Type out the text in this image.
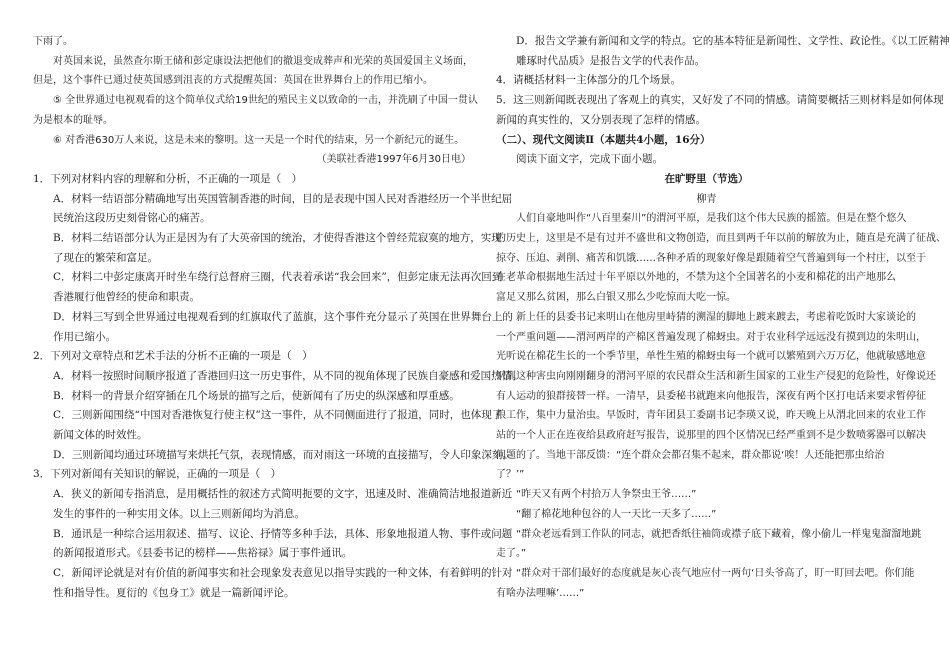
下雨了。
对英国来说，虽然查尔斯王储和彭定康设法把他们的撤退变成葬声和光荣的英国爱国主义场面，
但是，这个事件已通过使英国感到沮丧的方式提醒英国：英国在世界舞台上的作用已缩小。
⑤ 全世界通过电视观看的这个简单仪式给19世纪的殖民主义以致命的一击，并洗刷了中国一贯认
为是根本的耻辱。
⑥ 对香港630万人来说，这是未来的黎明。这一天是一个时代的结束，另一个新纪元的诞生。
（美联社香港1997年6月30日电）
1．下列对材料内容的理解和分析，不正确的一项是（　）
A．材料一结语部分精确地写出英国管制香港的时间，目的是表现中国人民对香港经历一个半世纪屈
民统治这段历史刻骨铭心的痛苦。
B．材料二结语部分认为正是因为有了大英帝国的统治，才使得香港这个曾经荒寂寞的地方，实现
了现在的繁荣和富足。
C．材料二中彭定康离开时坐车绕行总督府三圈，代表着承诺“我会回来”，但彭定康无法再次回到
香港履行他曾经的使命和职责。
D．材料三写到全世界通过电视观看到的红旗取代了蓝旗，这个事件充分显示了英国在世界舞台上的
作用已缩小。
2．下列对文章特点和艺术手法的分析不正确的一项是（　）
A．材料一按照时间顺序报道了香港回归这一历史事件，从不同的视角体现了民族自豪感和爱国热情。
B．材料一的背景介绍穿插在几个场景的描写之后，使新闻有了历史的纵深感和厚重感。
C．三则新闻围绕“中国对香港恢复行使主权”这一事件，从不同侧面进行了报道，同时，也体现了
新闻文体的时效性。
D．三则新闻均通过环境描写来烘托气氛，表现情感，而对雨这一环境的直接描写，令人印象深刻。
3．下列对新闻有关知识的解说，正确的一项是（　）
A．狭义的新闻专指消息，是用概括性的叙述方式简明扼要的文字，迅速及时、准确简洁地报道新近
发生的事件的一种实用文体。以上三则新闻均为消息。
B．通讯是一种综合运用叙述、描写、议论、抒情等多种手法，具体、形象地报道人物、事件或问题
的新闻报道形式。《县委书记的榜样——焦裕禄》属于事件通讯。
C．新闻评论就是对有价值的新闻事实和社会现象发表意见以指导实践的一种文体，有着鲜明的针对
性和指导性。夏衍的《包身工》就是一篇新闻评论。
D．报告文学兼有新闻和文学的特点。它的基本特征是新闻性、文学性、政论性。《以工匠精神
雕琢时代品质》是报告文学的代表作品。
4．请概括材料一主体部分的几个场景。
5．这三则新闻既表现出了客观上的真实，又好发了不同的情感。请简要概括三则材料是如何体现
新闻的真实性的，又分别表现了怎样的情感。
（二）、现代文阅读Ⅱ（本题共4小题，16分）
阅读下面文字，完成下面小题。
在旷野里（节选）
柳青
人们自豪地叫作“八百里秦川”的渭河平原，是我们这个伟大民族的摇篮。但是在整个悠久
的历史上，这里是不是有过并不盛世和文物创造，而且到两千年以前的解放为止，随直是充满了征战、
掠夺、压迫、剥削、痛苦和饥饿……各种矛盾的现象好像是跟随着空气普遍到每一个村庄，以至于
在老革命根据地生活过十年平原以外地的，不禁为这个全国著名的小麦和棉花的出产地那么
富足又那么贫困，那么白银又那么少吃惊而大吃一惊。
新上任的县委书记来明山在他房里峙猜的溯湿的脚地上踱来踱去，考虑着吃饭时大家谈论的
一个严重问题——渭河两岸的产棉区普遍发现了棉蚜虫。对于农业科学远远没有摸到边的朱明山，
光听说在棉花生长的一个季节里，单性生殖的棉蚜虫每一个就可以繁殖到六万万亿，他就敏感地意
识到这种害虫向刚刚翻身的渭河平原的农民群众生活和新生国家的工业生产侵犯的危险性，好像说还
有人运动的狼群接替一样。一清早，县委秘书就跑来向他报告，深夜有两个区打电话来要求暂停征
粮工作，集中力量治虫。早饭时，青年团县工委副书记李瑛又说，昨天晚上从渭北回来的农业工作
站的一个人正在连夜给县政府赶写报告，说那里的四个区情况已经严重到不是少数喷雾器可以解决
问题的了。当地干部反馈：“连个群众会都召集不起来，群众都说‘唉！人还能把那虫给治
了？’”
“昨天又有两个村拾万人争祭虫王爷……”
“翻了棉花地种包谷的人一天比一天多了……”
“群众老远看到工作队的同志，就把香纸往袖筒或襟子底下藏着，像小偷儿一样鬼鬼溜溜地跳
走了。”
“群众对干部们最好的态度就是灰心丧气地应付一两句‘日头爷高了，盯一盯回去吧。你们能
有啥办法哩嘛’……”
